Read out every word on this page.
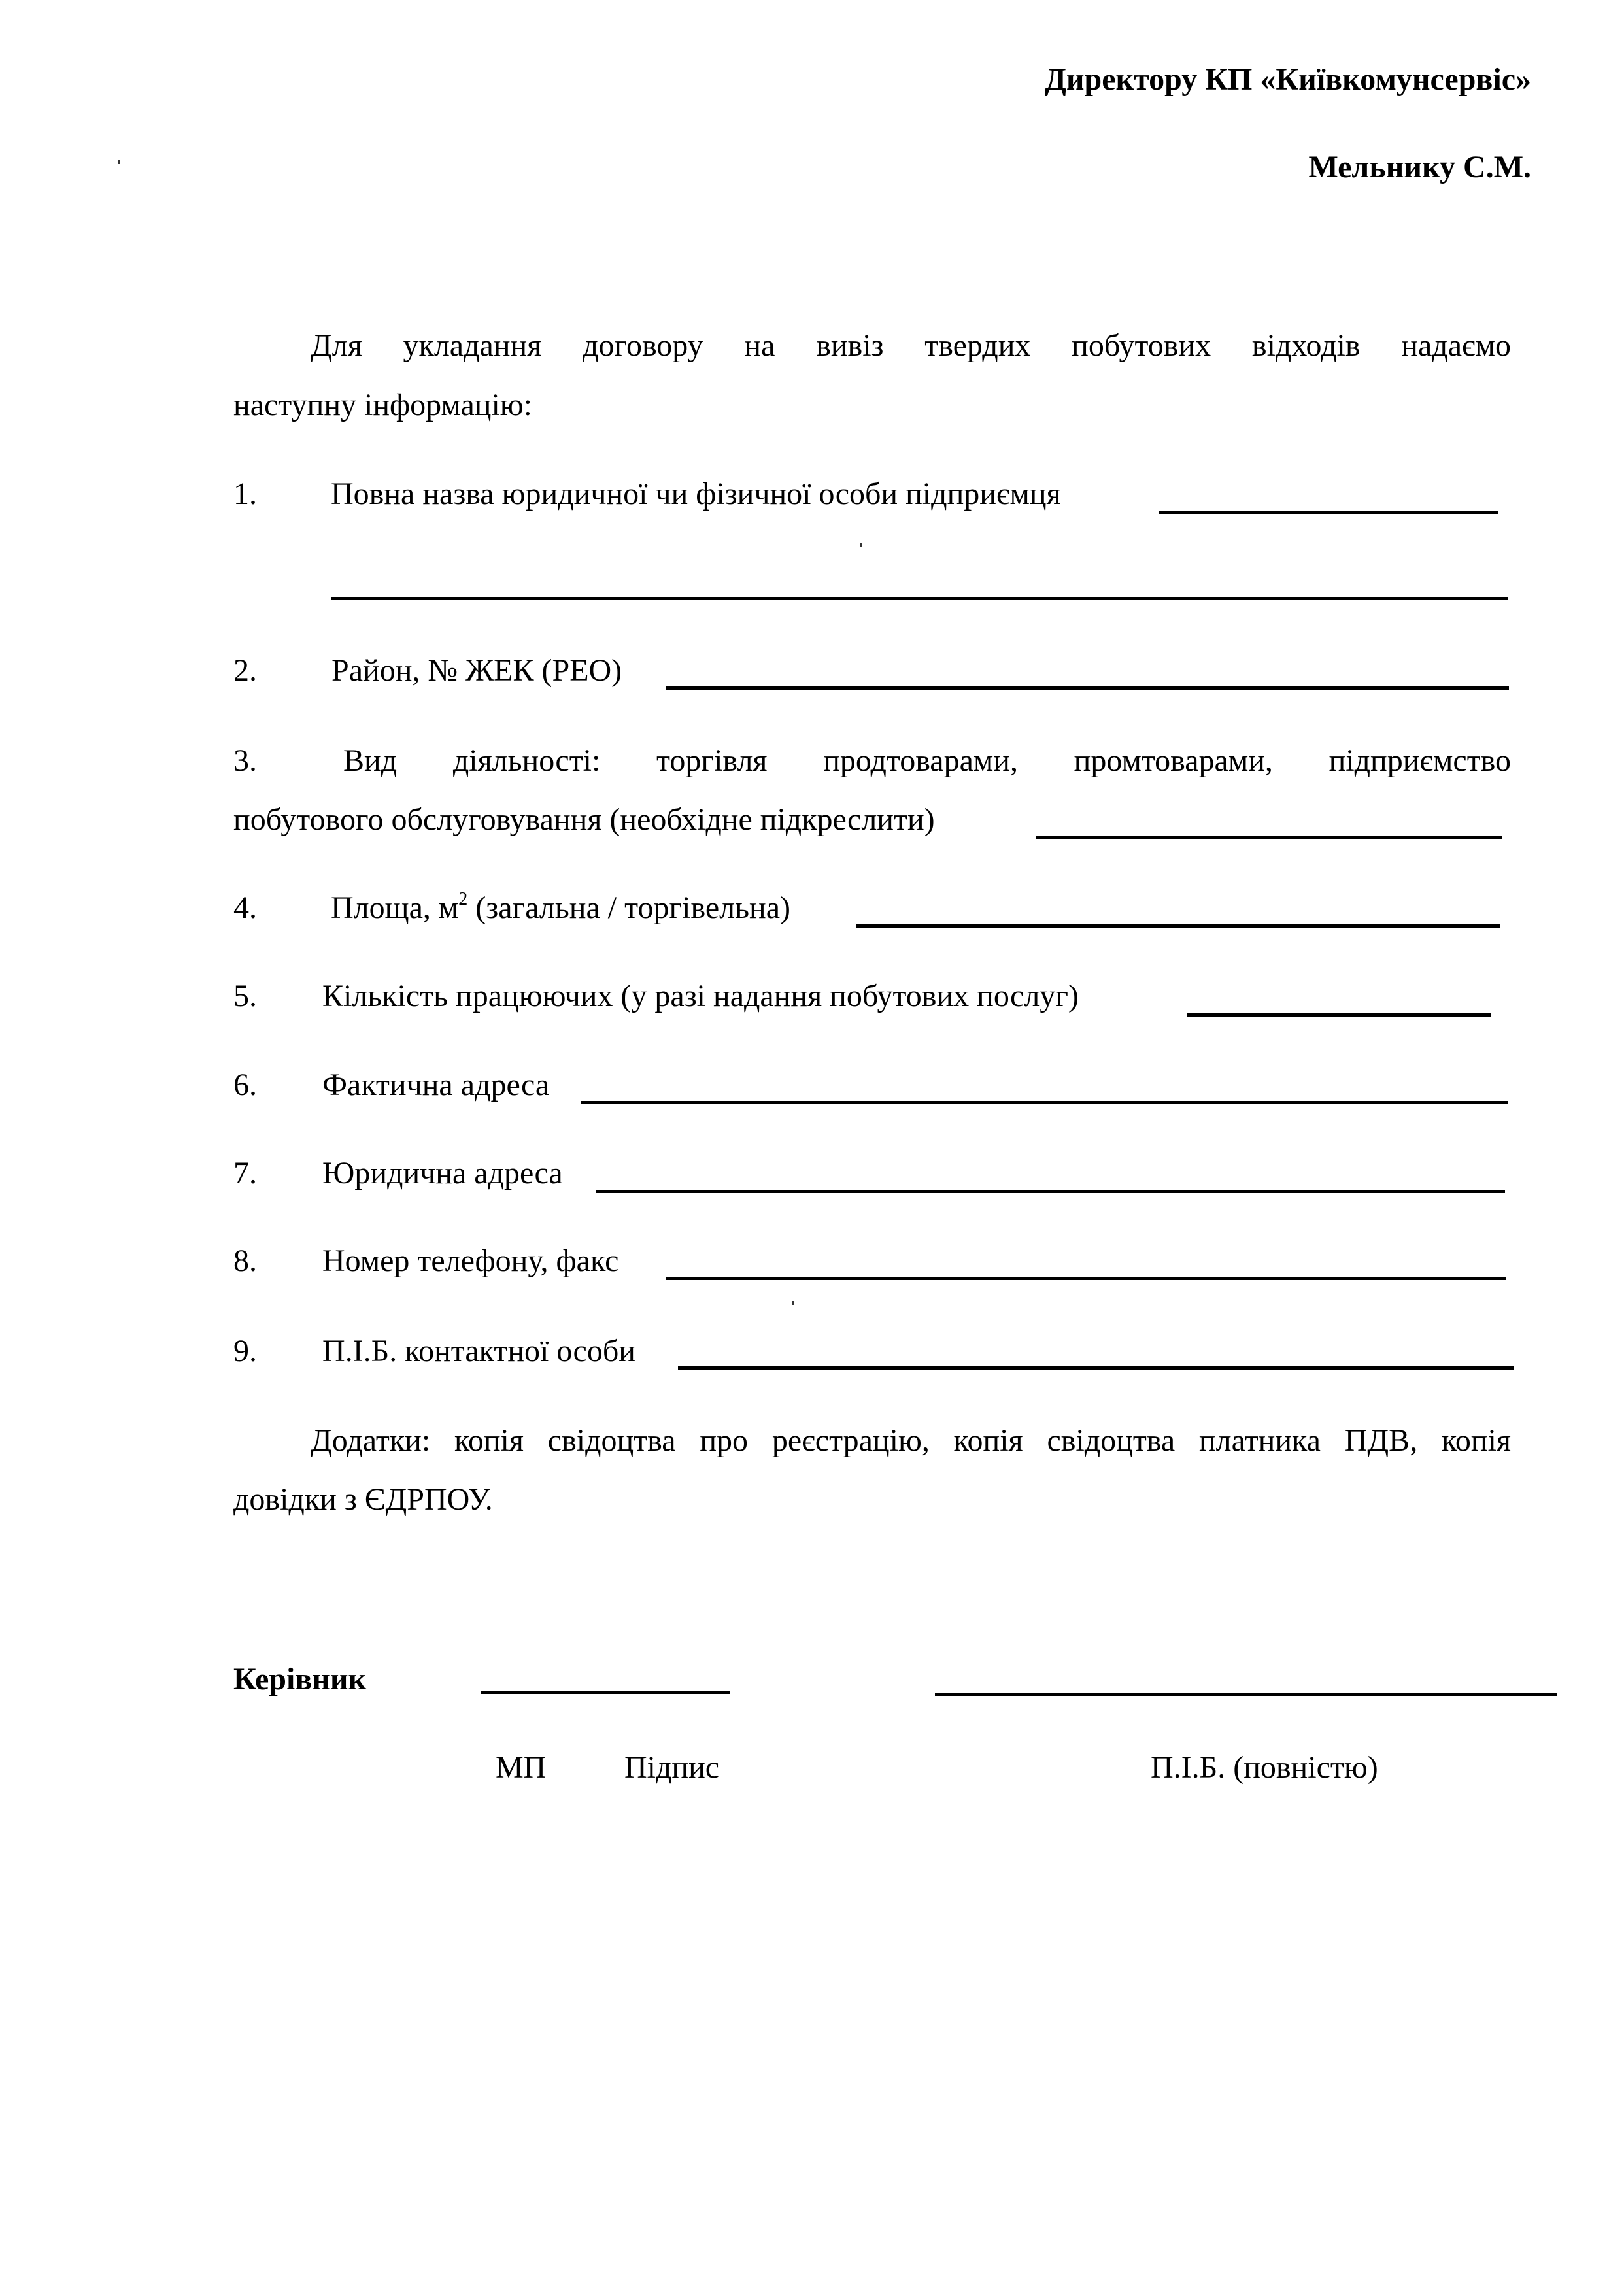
Директору КП «Київкомунсервіс»
Мельнику С.М.
Для укладання договору на вивіз твердих побутових відходів надаємо
наступну інформацію:
1. Повна назва юридичної чи фізичної особи підприємця
2. Район, № ЖЕК (РЕО)
3.	Вид діяльності: торгівля продтоварами, промтоварами, підприємство
побутового обслуговування (необхідне підкреслити)
4. Площа, $м^2$ (загальна / торгівельна)
5. Кількість працюючих (у разі надання побутових послуг)
6. Фактична адреса
7. Юридична адреса
8. Номер телефону, факс
9. П.І.Б. контактної особи
Додатки: копія свідоцтва про реєстрацію, копія свідоцтва платника ПДВ, копія
довідки з ЄДРПОУ.
Керівник
МП Підпис	П.І.Б. (повністю)
